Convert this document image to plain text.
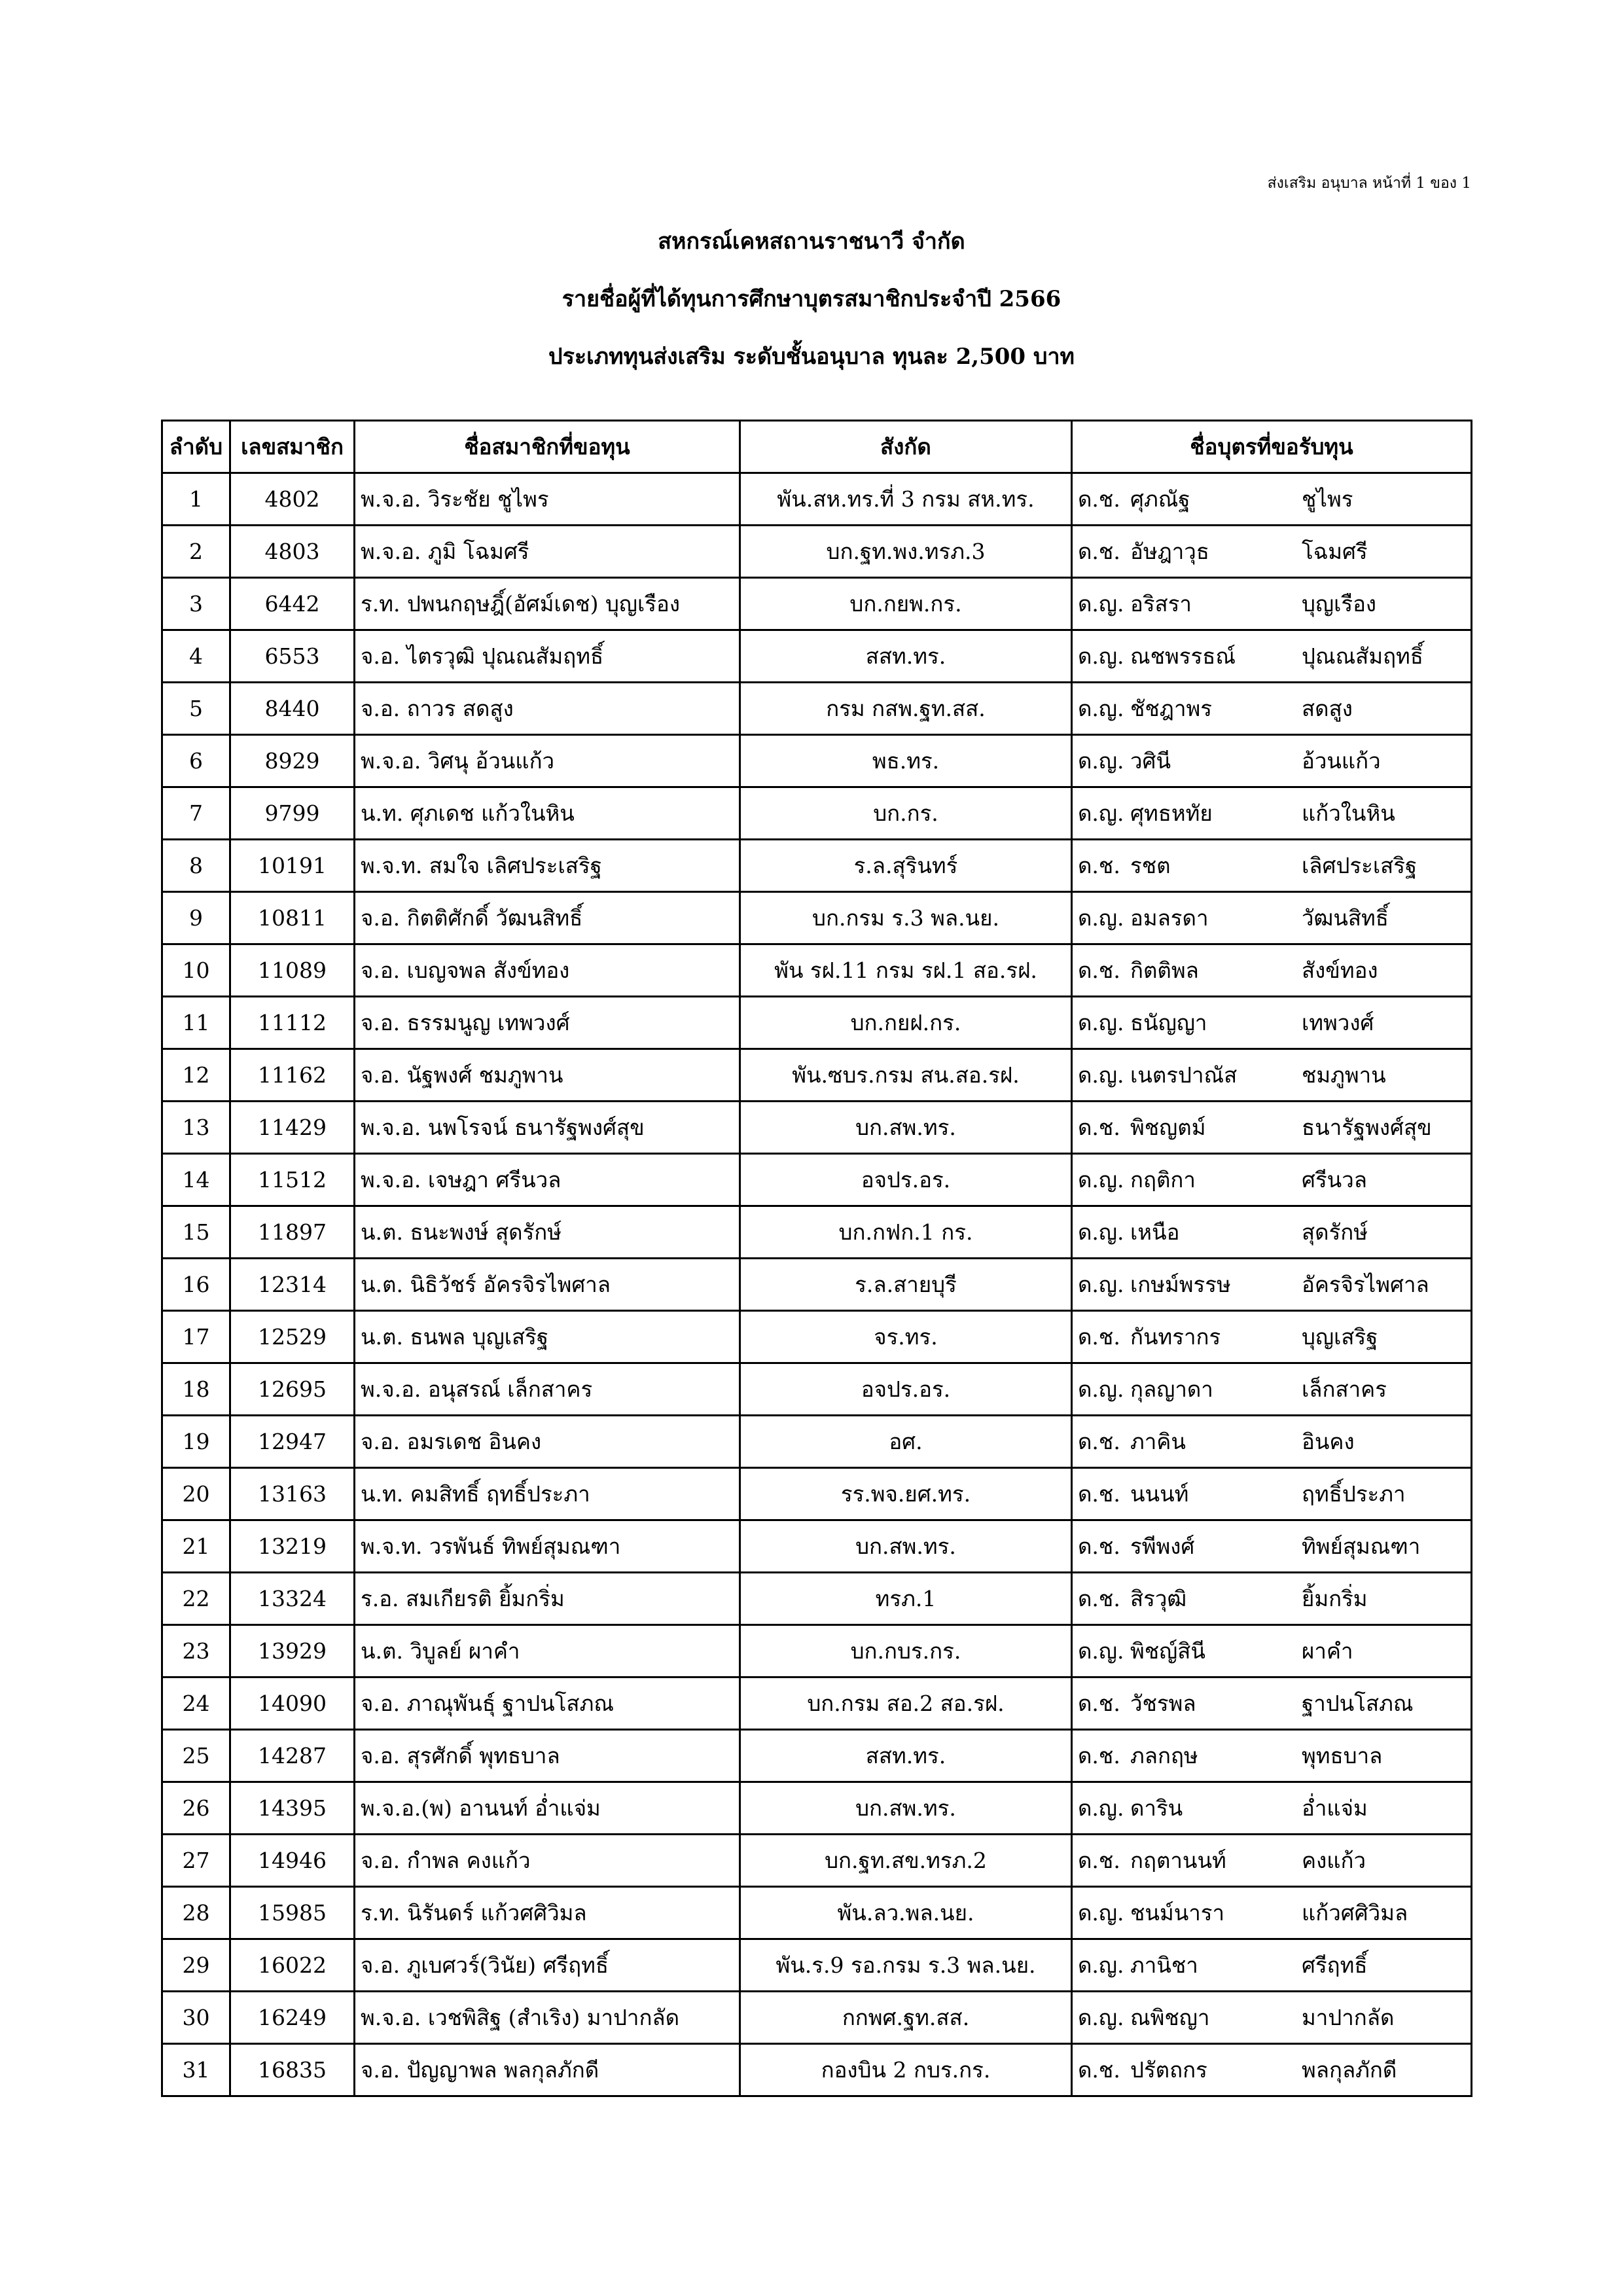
ส่งเสริม อนุบาล หน้าที่ 1 ของ 1
สหกรณ์เคหสถานราชนาวี จำกัด
รายชื่อผู้ที่ได้ทุนการศึกษาบุตรสมาชิกประจำปี 2566
ประเภททุนส่งเสริม ระดับชั้นอนุบาล ทุนละ 2,500 บาท
ลำดับ	เลขสมาชิก	ชื่อสมาชิกที่ขอทุน	สังกัด	ชื่อบุตรที่ขอรับทุน
1	4802	พ.จ.อ. วิระชัย ชูไพร	พัน.สห.ทร.ที่ 3 กรม สห.ทร.	ด.ช. ศุภณัฐ ชูไพร

2	4803	พ.จ.อ. ภูมิ โฉมศรี	บก.ฐท.พง.ทรภ.3	ด.ช. อัษฎาวุธ โฉมศรี

3	6442	ร.ท. ปพนกฤษฎิ์(อัศม์เดช) บุญเรือง	บก.กยพ.กร.	ด.ญ. อริสรา บุญเรือง

4	6553	จ.อ. ไตรวุฒิ ปุณณสัมฤทธิ์	สสท.ทร.	ด.ญ. ณชพรรธณ์ ปุณณสัมฤทธิ์

5	8440	จ.อ. ถาวร สดสูง	กรม กสพ.ฐท.สส.	ด.ญ. ชัชฎาพร สดสูง

6	8929	พ.จ.อ. วิศนุ อ้วนแก้ว	พธ.ทร.	ด.ญ. วศินี อ้วนแก้ว

7	9799	น.ท. ศุภเดช แก้วในหิน	บก.กร.	ด.ญ. ศุทธหทัย แก้วในหิน

8	10191	พ.จ.ท. สมใจ เลิศประเสริฐ	ร.ล.สุรินทร์	ด.ช. รชต เลิศประเสริฐ

9	10811	จ.อ. กิตติศักดิ์ วัฒนสิทธิ์	บก.กรม ร.3 พล.นย.	ด.ญ. อมลรดา วัฒนสิทธิ์

10	11089	จ.อ. เบญจพล สังข์ทอง	พัน รฝ.11 กรม รฝ.1 สอ.รฝ.	ด.ช. กิตติพล สังข์ทอง

11	11112	จ.อ. ธรรมนูญ เทพวงศ์	บก.กยฝ.กร.	ด.ญ. ธนัญญา เทพวงศ์

12	11162	จ.อ. นัฐพงศ์ ชมภูพาน	พัน.ซบร.กรม สน.สอ.รฝ.	ด.ญ. เนตรปาณัส ชมภูพาน

13	11429	พ.จ.อ. นพโรจน์ ธนารัฐพงศ์สุข	บก.สพ.ทร.	ด.ช. พิชญตม์ ธนารัฐพงศ์สุข

14	11512	พ.จ.อ. เจษฎา ศรีนวล	อจปร.อร.	ด.ญ. กฤติกา ศรีนวล

15	11897	น.ต. ธนะพงษ์ สุดรักษ์	บก.กฟก.1 กร.	ด.ญ. เหนือ สุดรักษ์

16	12314	น.ต. นิธิวัชร์ อัครจิรไพศาล	ร.ล.สายบุรี	ด.ญ. เกษม์พรรษ อัครจิรไพศาล

17	12529	น.ต. ธนพล บุญเสริฐ	จร.ทร.	ด.ช. กันทรากร บุญเสริฐ

18	12695	พ.จ.อ. อนุสรณ์ เล็กสาคร	อจปร.อร.	ด.ญ. กุลญาดา เล็กสาคร

19	12947	จ.อ. อมรเดช อินคง	อศ.	ด.ช. ภาคิน อินคง

20	13163	น.ท. คมสิทธิ์ ฤทธิ์ประภา	รร.พจ.ยศ.ทร.	ด.ช. นนนท์ ฤทธิ์ประภา

21	13219	พ.จ.ท. วรพันธ์ ทิพย์สุมณฑา	บก.สพ.ทร.	ด.ช. รพีพงศ์ ทิพย์สุมณฑา

22	13324	ร.อ. สมเกียรติ ยิ้มกริ่ม	ทรภ.1	ด.ช. สิรวุฒิ ยิ้มกริ่ม

23	13929	น.ต. วิบูลย์ ผาคำ	บก.กบร.กร.	ด.ญ. พิชญ์สินี ผาคำ

24	14090	จ.อ. ภาณุพันธุ์ ฐาปนโสภณ	บก.กรม สอ.2 สอ.รฝ.	ด.ช. วัชรพล ฐาปนโสภณ

25	14287	จ.อ. สุรศักดิ์ พุทธบาล	สสท.ทร.	ด.ช. ภลกฤษ พุทธบาล

26	14395	พ.จ.อ.(พ) อานนท์ อ่ำแจ่ม	บก.สพ.ทร.	ด.ญ. ดาริน อ่ำแจ่ม

27	14946	จ.อ. กำพล คงแก้ว	บก.ฐท.สข.ทรภ.2	ด.ช. กฤตานนท์ คงแก้ว

28	15985	ร.ท. นิรันดร์ แก้วศศิวิมล	พัน.ลว.พล.นย.	ด.ญ. ชนม์นารา แก้วศศิวิมล

29	16022	จ.อ. ภูเบศวร์(วินัย) ศรีฤทธิ์	พัน.ร.9 รอ.กรม ร.3 พล.นย.	ด.ญ. ภานิชา ศรีฤทธิ์

30	16249	พ.จ.อ. เวชพิสิฐ (สำเริง) มาปากลัด	กกพศ.ฐท.สส.	ด.ญ. ณพิชญา มาปากลัด

31	16835	จ.อ. ปัญญาพล พลกุลภักดี	กองบิน 2 กบร.กร.	ด.ช. ปรัตถกร พลกุลภักดี
